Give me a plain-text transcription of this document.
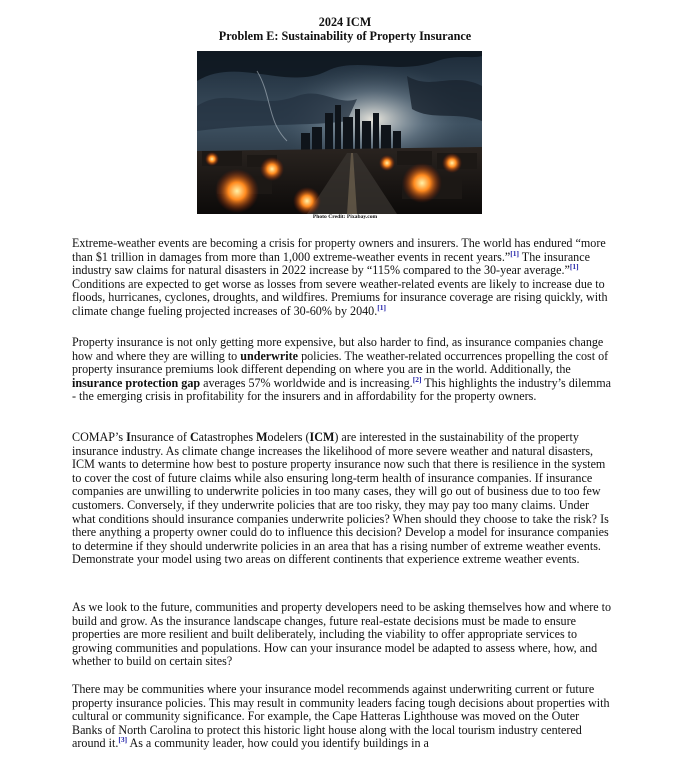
2024 ICM
Problem E: Sustainability of Property Insurance
Photo Credit: Pixabay.com

Extreme-weather events are becoming a crisis for property owners and insurers. The world has endured “more than $1 trillion in damages from more than 1,000 extreme-weather events in recent years.”[1] The insurance industry saw claims for natural disasters in 2022 increase by “115% compared to the 30-year average.”[1] Conditions are expected to get worse as losses from severe weather-related events are likely to increase due to floods, hurricanes, cyclones, droughts, and wildfires. Premiums for insurance coverage are rising quickly, with climate change fueling projected increases of 30-60% by 2040.[1]

Property insurance is not only getting more expensive, but also harder to find, as insurance companies change how and where they are willing to underwrite policies. The weather-related occurrences propelling the cost of property insurance premiums look different depending on where you are in the world. Additionally, the insurance protection gap averages 57% worldwide and is increasing.[2] This highlights the industry’s dilemma - the emerging crisis in profitability for the insurers and in affordability for the property owners.

COMAP’s Insurance of Catastrophes Modelers (ICM) are interested in the sustainability of the property insurance industry. As climate change increases the likelihood of more severe weather and natural disasters, ICM wants to determine how best to posture property insurance now such that there is resilience in the system to cover the cost of future claims while also ensuring long-term health of insurance companies. If insurance companies are unwilling to underwrite policies in too many cases, they will go out of business due to too few customers. Conversely, if they underwrite policies that are too risky, they may pay too many claims. Under what conditions should insurance companies underwrite policies? When should they choose to take the risk? Is there anything a property owner could do to influence this decision? Develop a model for insurance companies to determine if they should underwrite policies in an area that has a rising number of extreme weather events. Demonstrate your model using two areas on different continents that experience extreme weather events.

As we look to the future, communities and property developers need to be asking themselves how and where to build and grow. As the insurance landscape changes, future real-estate decisions must be made to ensure properties are more resilient and built deliberately, including the viability to offer appropriate services to growing communities and populations. How can your insurance model be adapted to assess where, how, and whether to build on certain sites?

There may be communities where your insurance model recommends against underwriting current or future property insurance policies. This may result in community leaders facing tough decisions about properties with cultural or community significance. For example, the Cape Hatteras Lighthouse was moved on the Outer Banks of North Carolina to protect this historic light house along with the local tourism industry centered around it.[3] As a community leader, how could you identify buildings in a
